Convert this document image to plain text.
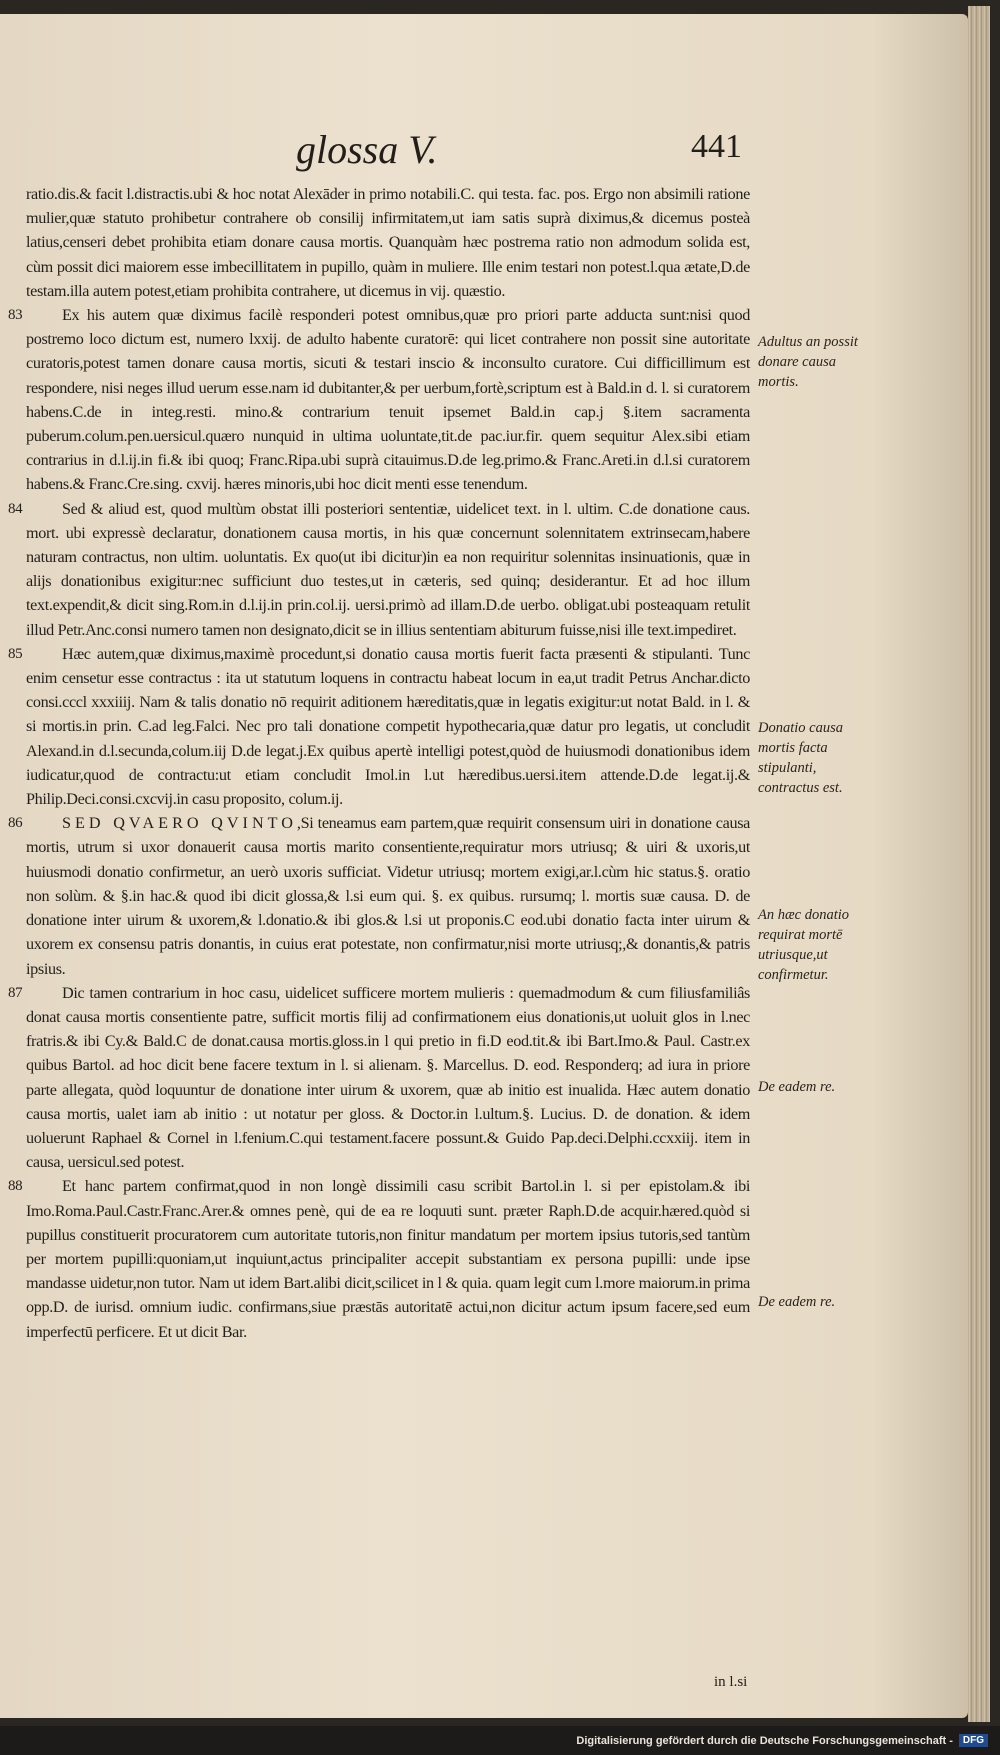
glossa V.	441

ratio.dis.& facit l.distractis.ubi & hoc notat Alexāder in primo notabili.C. qui testa. fac. pos. Ergo non absimili ratione mulier,quæ statuto prohibetur contrahere ob consilij infirmitatem,ut iam satis suprà diximus,& dicemus posteà latius,censeri debet prohibita etiam donare causa mortis. Quanquàm hæc postrema ratio non admodum solida est, cùm possit dici maiorem esse imbecillitatem in pupillo, quàm in muliere. Ille enim testari non potest.l.qua ætate,D.de testam.illa autem potest,etiam prohibita contrahere, ut dicemus in vij. quæstio.

83	Ex his autem quæ diximus facilè responderi potest omnibus,quæ pro priori parte adducta sunt:nisi quod postremo loco dictum est, numero lxxij. de adulto habente curatorē: qui licet contrahere non possit sine autoritate curatoris,potest tamen donare causa mortis, sicuti & testari inscio & inconsulto curatore. Cui difficillimum est respondere, nisi neges illud uerum esse.nam id dubitanter,& per uerbum,fortè,scriptum est à Bald.in d. l. si curatorem habens.C.de in integ.resti. mino.& contrarium tenuit ipsemet Bald.in cap.j §.item sacramenta puberum.colum.pen.uersicul.quæro nunquid in ultima uoluntate,tit.de pac.iur.fir. quem sequitur Alex.sibi etiam contrarius in d.l.ij.in fi.& ibi quoq; Franc.Ripa.ubi suprà citauimus.D.de leg.primo.& Franc.Areti.in d.l.si curatorem habens.& Franc.Cre.sing. cxvij. hæres minoris,ubi hoc dicit menti esse tenendum.

84	Sed & aliud est, quod multùm obstat illi posteriori sententiæ, uidelicet text. in l. ultim. C.de donatione caus. mort. ubi expressè declaratur, donationem causa mortis, in his quæ concernunt solennitatem extrinsecam,habere naturam contractus, non ultim. uoluntatis. Ex quo(ut ibi dicitur)in ea non requiritur solennitas insinuationis, quæ in alijs donationibus exigitur:nec sufficiunt duo testes,ut in cæteris, sed quinq; desiderantur. Et ad hoc illum text.expendit,& dicit sing.Rom.in d.l.ij.in prin.col.ij. uersi.primò ad illam.D.de uerbo. obligat.ubi posteaquam retulit illud Petr.Anc.consi numero tamen non designato,dicit se in illius sententiam abiturum fuisse,nisi ille text.impediret.

85	Hæc autem,quæ diximus,maximè procedunt,si donatio causa mortis fuerit facta præsenti & stipulanti. Tunc enim censetur esse contractus : ita ut statutum loquens in contractu habeat locum in ea,ut tradit Petrus Anchar.dicto consi.cccl xxxiiij. Nam & talis donatio nō requirit aditionem hæreditatis,quæ in legatis exigitur:ut notat Bald. in l. & si mortis.in prin. C.ad leg.Falci. Nec pro tali donatione competit hypothecaria,quæ datur pro legatis, ut concludit Alexand.in d.l.secunda,colum.iij D.de legat.j.Ex quibus apertè intelligi potest,quòd de huiusmodi donationibus idem iudicatur,quod de contractu:ut etiam concludit Imol.in l.ut hæredibus.uersi.item attende.D.de legat.ij.& Philip.Deci.consi.cxcvij.in casu proposito, colum.ij.

86	SED QVAERO QVINTO,Si teneamus eam partem,quæ requirit consensum uiri in donatione causa mortis, utrum si uxor donauerit causa mortis marito consentiente,requiratur mors utriusq; & uiri & uxoris,ut huiusmodi donatio confirmetur, an uerò uxoris sufficiat. Videtur utriusq; mortem exigi,ar.l.cùm hic status.§. oratio non solùm. & §.in hac.& quod ibi dicit glossa,& l.si eum qui. §. ex quibus. rursumq; l. mortis suæ causa. D. de donatione inter uirum & uxorem,& l.donatio.& ibi glos.& l.si ut proponis.C eod.ubi donatio facta inter uirum & uxorem ex consensu patris donantis, in cuius erat potestate, non confirmatur,nisi morte utriusq;,& donantis,& patris ipsius.

87	Dic tamen contrarium in hoc casu, uidelicet sufficere mortem mulieris : quemadmodum & cum filiusfamiliâs donat causa mortis consentiente patre, sufficit mortis filij ad confirmationem eius donationis,ut uoluit glos in l.nec fratris.& ibi Cy.& Bald.C de donat.causa mortis.gloss.in l qui pretio in fi.D eod.tit.& ibi Bart.Imo.& Paul. Castr.ex quibus Bartol. ad hoc dicit bene facere textum in l. si alienam. §. Marcellus. D. eod. Responderq; ad iura in priore parte allegata, quòd loquuntur de donatione inter uirum & uxorem, quæ ab initio est inualida. Hæc autem donatio causa mortis, ualet iam ab initio : ut notatur per gloss. & Doctor.in l.ultum.§. Lucius. D. de donation. & idem uoluerunt Raphael & Cornel in l.fenium.C.qui testament.facere possunt.& Guido Pap.deci.Delphi.ccxxiij. item in causa, uersicul.sed potest.

88	Et hanc partem confirmat,quod in non longè dissimili casu scribit Bartol.in l. si per epistolam.& ibi Imo.Roma.Paul.Castr.Franc.Arer.& omnes penè, qui de ea re loquuti sunt. præter Raph.D.de acquir.hæred.quòd si pupillus constituerit procuratorem cum autoritate tutoris,non finitur mandatum per mortem ipsius tutoris,sed tantùm per mortem pupilli:quoniam,ut inquiunt,actus principaliter accepit substantiam ex persona pupilli: unde ipse mandasse uidetur,non tutor. Nam ut idem Bart.alibi dicit,scilicet in l & quia. quam legit cum l.more maiorum.in prima opp.D. de iurisd. omnium iudic. confirmans,siue præstās autoritatē actui,non dicitur actum ipsum facere,sed eum imperfectū perficere. Et ut dicit Bar.

Adultus an possit donare causa mortis.
Donatio causa mortis facta stipulanti, contractus est.
An hæc donatio requirat mortē utriusque,ut confirmetur.
De eadem re.
De eadem re.
in l.si
Digitalisierung gefördert durch die Deutsche Forschungsgemeinschaft -	DFG
